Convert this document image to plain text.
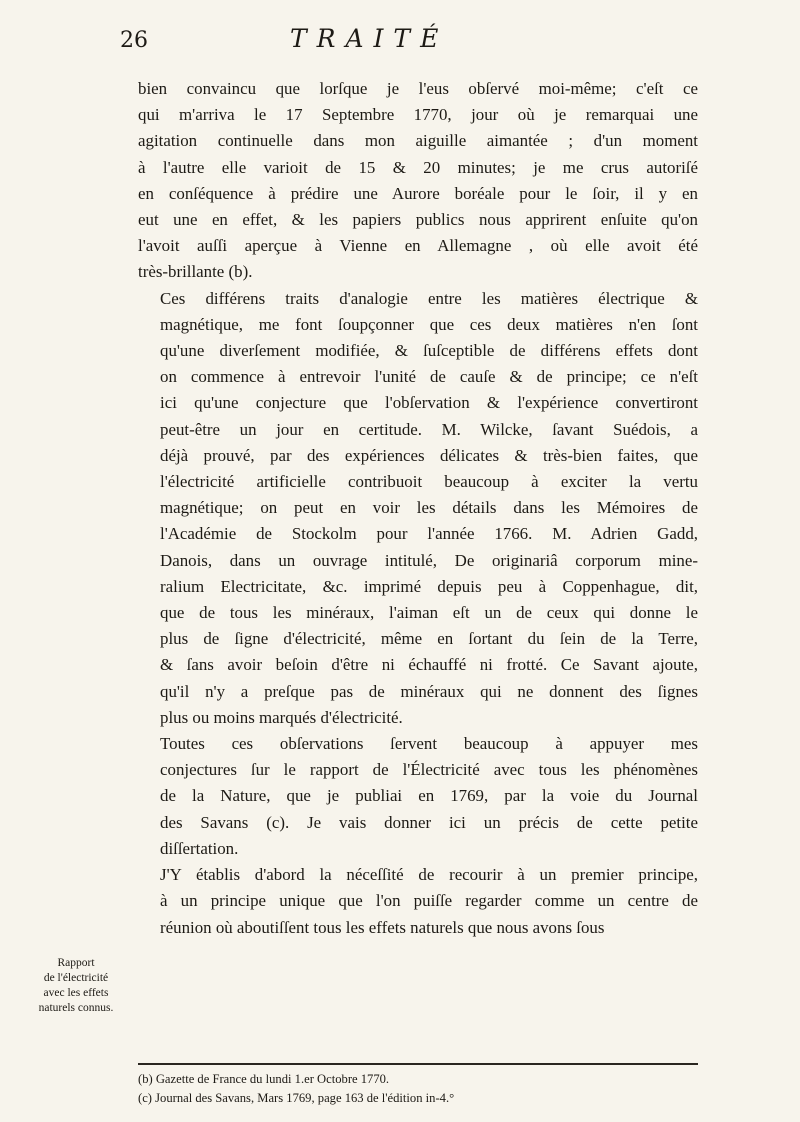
26	TRAITÉ

bien convaincu que lorſque je l'eus obſervé moi-même; c'eſt ce
qui m'arriva le 17 Septembre 1770, jour où je remarquai une
agitation continuelle dans mon aiguille aimantée ; d'un moment
à l'autre elle varioit de 15 & 20 minutes; je me crus autoriſé
en conſéquence à prédire une Aurore boréale pour le ſoir, il y en
eut une en effet, & les papiers publics nous apprirent enſuite qu'on
l'avoit auſſi aperçue à Vienne en Allemagne , où elle avoit été
très-brillante (b).

Ces différens traits d'analogie entre les matières électrique &
magnétique, me font ſoupçonner que ces deux matières n'en ſont
qu'une diverſement modifiée, & ſuſceptible de différens effets dont
on commence à entrevoir l'unité de cauſe & de principe; ce n'eſt
ici qu'une conjecture que l'obſervation & l'expérience convertiront
peut-être un jour en certitude. M. Wilcke, ſavant Suédois, a
déjà prouvé, par des expériences délicates & très-bien faites, que
l'électricité artificielle contribuoit beaucoup à exciter la vertu
magnétique; on peut en voir les détails dans les Mémoires de
l'Académie de Stockolm pour l'année 1766. M. Adrien Gadd,
Danois, dans un ouvrage intitulé, De originariâ corporum mine-
ralium Electricitate, &c. imprimé depuis peu à Coppenhague, dit,
que de tous les minéraux, l'aiman eſt un de ceux qui donne le
plus de ſigne d'électricité, même en ſortant du ſein de la Terre,
& ſans avoir beſoin d'être ni échauffé ni frotté. Ce Savant ajoute,
qu'il n'y a preſque pas de minéraux qui ne donnent des ſignes
plus ou moins marqués d'électricité.

Toutes ces obſervations ſervent beaucoup à appuyer mes
conjectures ſur le rapport de l'Électricité avec tous les phénomènes
de la Nature, que je publiai en 1769, par la voie du Journal
des Savans (c). Je vais donner ici un précis de cette petite
diſſertation.

J'Y établis d'abord la néceſſité de recourir à un premier principe,
à un principe unique que l'on puiſſe regarder comme un centre de
réunion où aboutiſſent tous les effets naturels que nous avons ſous

Rapport
de l'électricité
avec les effets
naturels connus.
(b) Gazette de France du lundi 1.er Octobre 1770.
(c) Journal des Savans, Mars 1769, page 163 de l'édition in-4.°
